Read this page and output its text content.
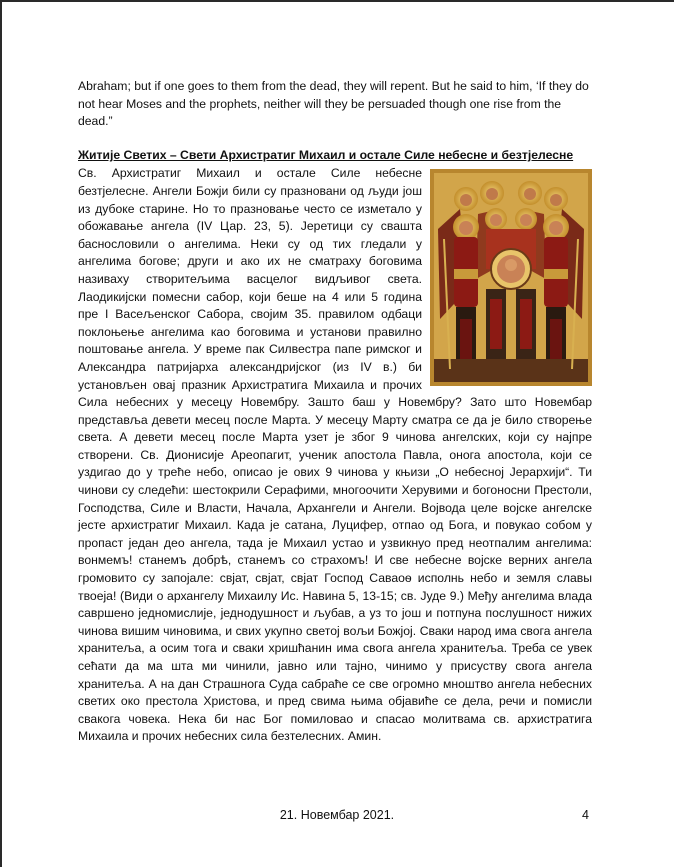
Abraham; but if one goes to them from the dead, they will repent. But he said to him, ‘If they do not hear Moses and the prophets, neither will they be persuaded though one rise from the dead.”

Житије Светих – Свети Архистратиг Михаил и остале Силе небесне и безтјелесне

Св. Архистратиг Михаил и остале Силе небесне безтјелесне. Ангели Божји били су празновани од људи још из дубоке старине. Но то празновање често се изметало у обожавање ангела (IV Цар. 23, 5). Јеретици су свашта баснословили о ангелима. Неки су од тих гледали у ангелима богове; други и ако их не сматраху боговима називаху створитељима васцелог видљивог света. Лаодикијски помесни сабор, који беше на 4 или 5 година пре I Васељенског Сабора, својим 35. правилом одбаци поклоњење ангелима као боговима и установи правилно поштовање ангела. У време пак Силвестра папе римског и Александра патријарха александријског (из IV в.) би установљен овај празник Архистратига Михаила и прочих Сила небесних у месецу Новембру. Зашто баш у Новембру? Зато што Новембар представља девети месец после Марта. У месецу Марту сматра се да је било створење света. А девети месец после Марта узет је због 9 чинова ангелских, који су најпре створени. Св. Дионисије Ареопагит, ученик апостола Павла, онога апостола, који се уздигао до у треће небо, описао је ових 9 чинова у књизи „О небесној Јерархији“. Ти чинови су следећи: шестокрили Серафими, многоочити Херувими и богоносни Престоли, Господства, Силе и Власти, Начала, Архангели и Ангели. Војвода целе војске ангелске јесте архистратиг Михаил. Када је сатана, Луцифер, отпао од Бога, и повукао собом у пропаст један део ангела, тада је Михаил устао и узвикнуо пред неотпалим ангелима: вонмемъ! станемъ добрѣ, станемъ со страхомъ! И све небесне војске верних ангела громовито су запојале: свјат, свјат, свјат Господ Саваоѳ исполнь небо и земля славы твоеја! (Види о архангелу Михаилу Ис. Навина 5, 13-15; св. Јуде 9.) Међу ангелима влада савршено једномислије, једнодушност и љубав, а уз то још и потпуна послушност нижих чинова вишим чиновима, и свих укупно светој вољи Божјој. Сваки народ има свога ангела хранитеља, а осим тога и сваки хришћанин има свога ангела хранитеља. Треба се увек сећати да ма шта ми чинили, јавно или тајно, чинимо у присуству свога ангела хранитеља. А на дан Страшнога Суда сабраће се све огромно мноштво ангела небесних светих око престола Христова, и пред свима њима објавиће се дела, речи и помисли свакога човека. Нека би нас Бог помиловао и спасао молитвама св. архистратига Михаила и прочих небесних сила безтелесних. Амин.

21. Новембар 2021.	4
